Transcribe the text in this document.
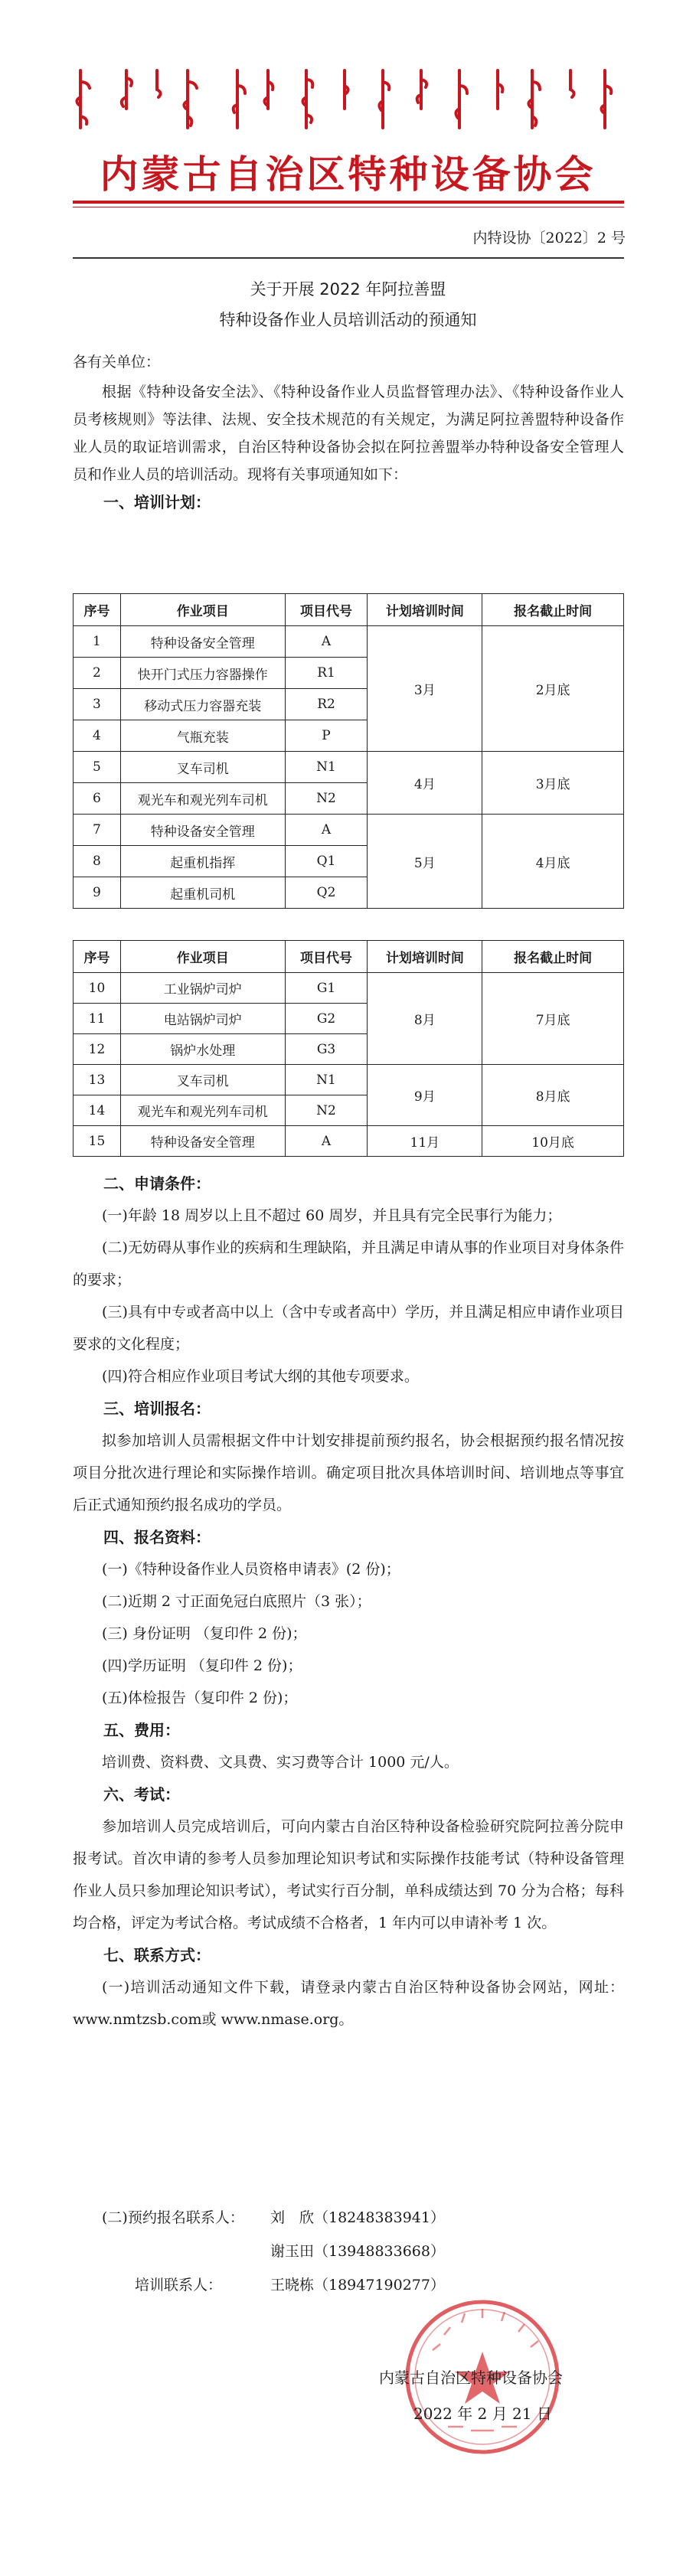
内蒙古自治区特种设备协会
内特设协〔2022〕2 号
关于开展 2022 年阿拉善盟
特种设备作业人员培训活动的预通知

各有关单位：

根据《特种设备安全法》、《特种设备作业人员监督管理办法》、《特种设备作业人员考核规则》等法律、法规、安全技术规范的有关规定，为满足阿拉善盟特种设备作业人员的取证培训需求，自治区特种设备协会拟在阿拉善盟举办特种设备安全管理人员和作业人员的培训活动。现将有关事项通知如下：

一、培训计划：

序号	作业项目	项目代号	计划培训时间	报名截止时间
1	特种设备安全管理	A	3月	2月底
2	快开门式压力容器操作	R1		
3	移动式压力容器充装	R2		
4	气瓶充装	P		
5	叉车司机	N1	4月	3月底
6	观光车和观光列车司机	N2		
7	特种设备安全管理	A	5月	4月底
8	起重机指挥	Q1		
9	起重机司机	Q2		
序号	作业项目	项目代号	计划培训时间	报名截止时间
10	工业锅炉司炉	G1	8月	7月底
11	电站锅炉司炉	G2		
12	锅炉水处理	G3		
13	叉车司机	N1	9月	8月底
14	观光车和观光列车司机	N2		
15	特种设备安全管理	A	11月	10月底

二、申请条件：

(一)年龄 18 周岁以上且不超过 60 周岁，并且具有完全民事行为能力；

(二)无妨碍从事作业的疾病和生理缺陷，并且满足申请从事的作业项目对身体条件的要求；

(三)具有中专或者高中以上（含中专或者高中）学历，并且满足相应申请作业项目要求的文化程度；

(四)符合相应作业项目考试大纲的其他专项要求。

三、培训报名：

拟参加培训人员需根据文件中计划安排提前预约报名，协会根据预约报名情况按项目分批次进行理论和实际操作培训。确定项目批次具体培训时间、培训地点等事宜后正式通知预约报名成功的学员。

四、报名资料：

(一)《特种设备作业人员资格申请表》(2 份)；

(二)近期 2 寸正面免冠白底照片（3 张）；

(三) 身份证明 （复印件 2 份)；

(四)学历证明 （复印件 2 份)；

(五)体检报告（复印件 2 份)；

五、费用：

培训费、资料费、文具费、实习费等合计 1000 元/人。

六、考试：

参加培训人员完成培训后，可向内蒙古自治区特种设备检验研究院阿拉善分院申报考试。首次申请的参考人员参加理论知识考试和实际操作技能考试（特种设备管理作业人员只参加理论知识考试），考试实行百分制，单科成绩达到 70 分为合格；每科均合格，评定为考试合格。考试成绩不合格者，1 年内可以申请补考 1 次。

七、联系方式：

(一)培训活动通知文件下载，请登录内蒙古自治区特种设备协会网站，网址：www.nmtzsb.com或 www.nmase.org。

(二)预约报名联系人： 刘　欣（18248383941）
谢玉田（13948833668）
培训联系人：	王晓栋（18947190277）
内蒙古自治区特种设备协会
2022 年 2 月 21 日
